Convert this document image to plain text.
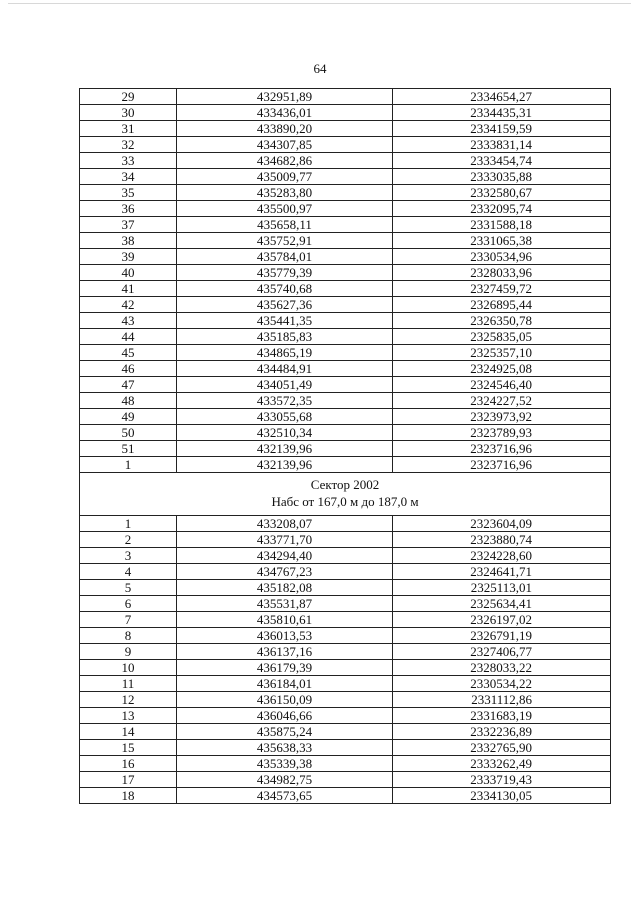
64
29	432951,89	2334654,27
30	433436,01	2334435,31
31	433890,20	2334159,59
32	434307,85	2333831,14
33	434682,86	2333454,74
34	435009,77	2333035,88
35	435283,80	2332580,67
36	435500,97	2332095,74
37	435658,11	2331588,18
38	435752,91	2331065,38
39	435784,01	2330534,96
40	435779,39	2328033,96
41	435740,68	2327459,72
42	435627,36	2326895,44
43	435441,35	2326350,78
44	435185,83	2325835,05
45	434865,19	2325357,10
46	434484,91	2324925,08
47	434051,49	2324546,40
48	433572,35	2324227,52
49	433055,68	2323973,92
50	432510,34	2323789,93
51	432139,96	2323716,96
1	432139,96	2323716,96

Сектор 2002
Набс от 167,0 м до 187,0 м		

1	433208,07	2323604,09
2	433771,70	2323880,74
3	434294,40	2324228,60
4	434767,23	2324641,71
5	435182,08	2325113,01
6	435531,87	2325634,41
7	435810,61	2326197,02
8	436013,53	2326791,19
9	436137,16	2327406,77
10	436179,39	2328033,22
11	436184,01	2330534,22
12	436150,09	2331112,86
13	436046,66	2331683,19
14	435875,24	2332236,89
15	435638,33	2332765,90
16	435339,38	2333262,49
17	434982,75	2333719,43
18	434573,65	2334130,05
